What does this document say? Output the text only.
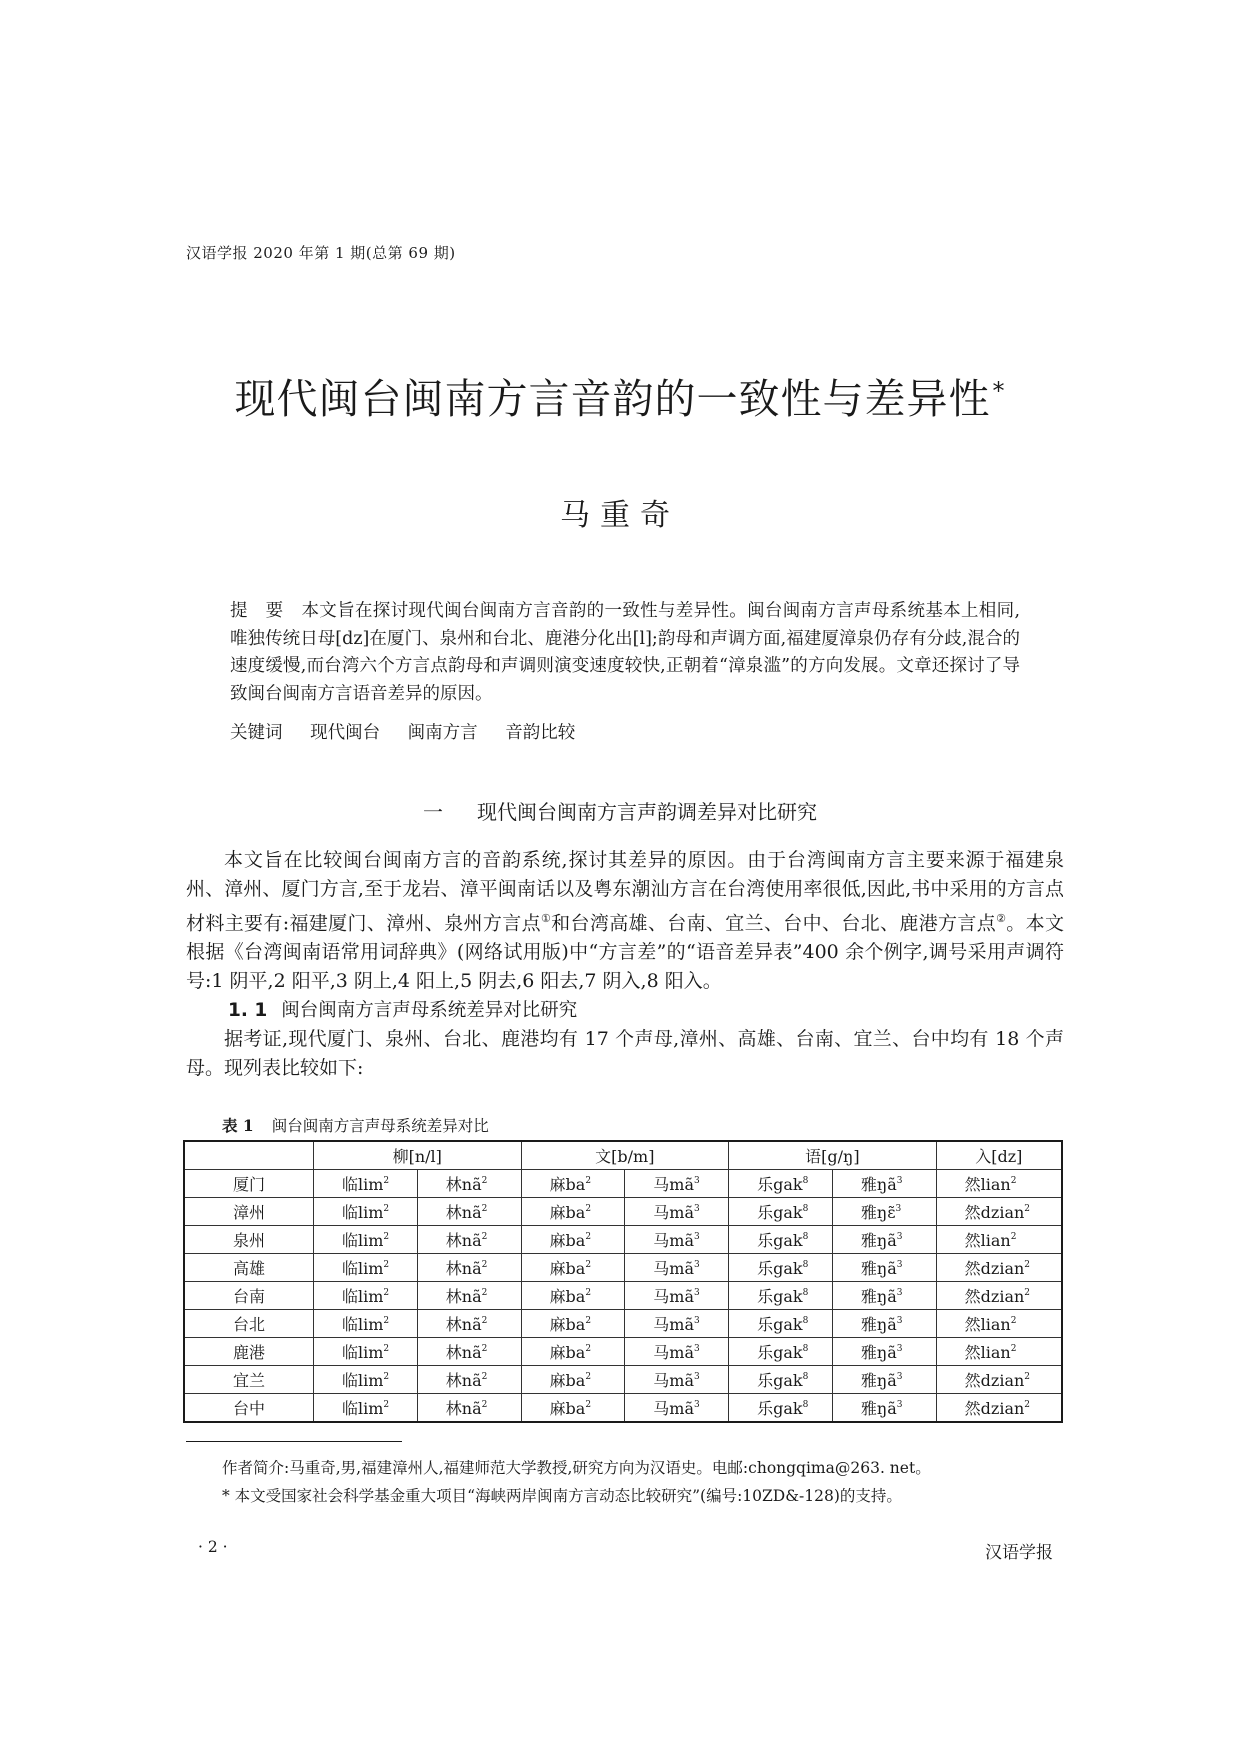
汉语学报 2020 年第 1 期(总第 69 期)
现代闽台闽南方言音韵的一致性与差异性*
马重奇
提　要 本文旨在探讨现代闽台闽南方言音韵的一致性与差异性。闽台闽南方言声母系统基本上相同,唯独传统日母[dz]在厦门、泉州和台北、鹿港分化出[l];韵母和声调方面,福建厦漳泉仍存有分歧,混合的速度缓慢,而台湾六个方言点韵母和声调则演变速度较快,正朝着“漳泉滥”的方向发展。文章还探讨了导致闽台闽南方言语音差异的原因。
关键词 现代闽台 闽南方言 音韵比较
一 现代闽台闽南方言声韵调差异对比研究

本文旨在比较闽台闽南方言的音韵系统,探讨其差异的原因。由于台湾闽南方言主要来源于福建泉州、漳州、厦门方言,至于龙岩、漳平闽南话以及粤东潮汕方言在台湾使用率很低,因此,书中采用的方言点材料主要有:福建厦门、漳州、泉州方言点①和台湾高雄、台南、宜兰、台中、台北、鹿港方言点②。本文根据《台湾闽南语常用词辞典》(网络试用版)中“方言差”的“语音差异表”400 余个例字,调号采用声调符号:1 阴平,2 阳平,3 阴上,4 阳上,5 阴去,6 阳去,7 阴入,8 阳入。

1. 1 闽台闽南方言声母系统差异对比研究

据考证,现代厦门、泉州、台北、鹿港均有 17 个声母,漳州、高雄、台南、宜兰、台中均有 18 个声母。现列表比较如下:

表 1 闽台闽南方言声母系统差异对比
	柳[n/l]		文[b/m]		语[g/ŋ]		入[dz]
厦门	临$\lim^2$	林$nã^2$	麻$ba^2$	马$mã^3$	乐gak$^8$	雅$ŋã^3$	然lian$^2$
漳州	临$\lim^2$	林$nã^2$	麻$ba^2$	马$mã^3$	乐gak$^8$	雅ŋɛ̃$^3$	然dzian$^2$
泉州	临$\lim^2$	林$nã^2$	麻$ba^2$	马$mã^3$	乐gak$^8$	雅$ŋã^3$	然lian$^2$
高雄	临$\lim^2$	林$nã^2$	麻$ba^2$	马$mã^3$	乐gak$^8$	雅$ŋã^3$	然dzian$^2$
台南	临$\lim^2$	林$nã^2$	麻$ba^2$	马$mã^3$	乐gak$^8$	雅$ŋã^3$	然dzian$^2$
台北	临$\lim^2$	林$nã^2$	麻$ba^2$	马$mã^3$	乐gak$^8$	雅$ŋã^3$	然lian$^2$
鹿港	临$\lim^2$	林$nã^2$	麻$ba^2$	马$mã^3$	乐gak$^8$	雅$ŋã^3$	然lian$^2$
宜兰	临$\lim^2$	林$nã^2$	麻$ba^2$	马$mã^3$	乐gak$^8$	雅$ŋã^3$	然dzian$^2$
台中	临$\lim^2$	林$nã^2$	麻$ba^2$	马$mã^3$	乐gak$^8$	雅$ŋã^3$	然dzian$^2$
作者简介:马重奇,男,福建漳州人,福建师范大学教授,研究方向为汉语史。电邮:chongqima@263. net。
* 本文受国家社会科学基金重大项目“海峡两岸闽南方言动态比较研究”(编号:10ZD&-128)的支持。
· 2 ·	汉语学报
